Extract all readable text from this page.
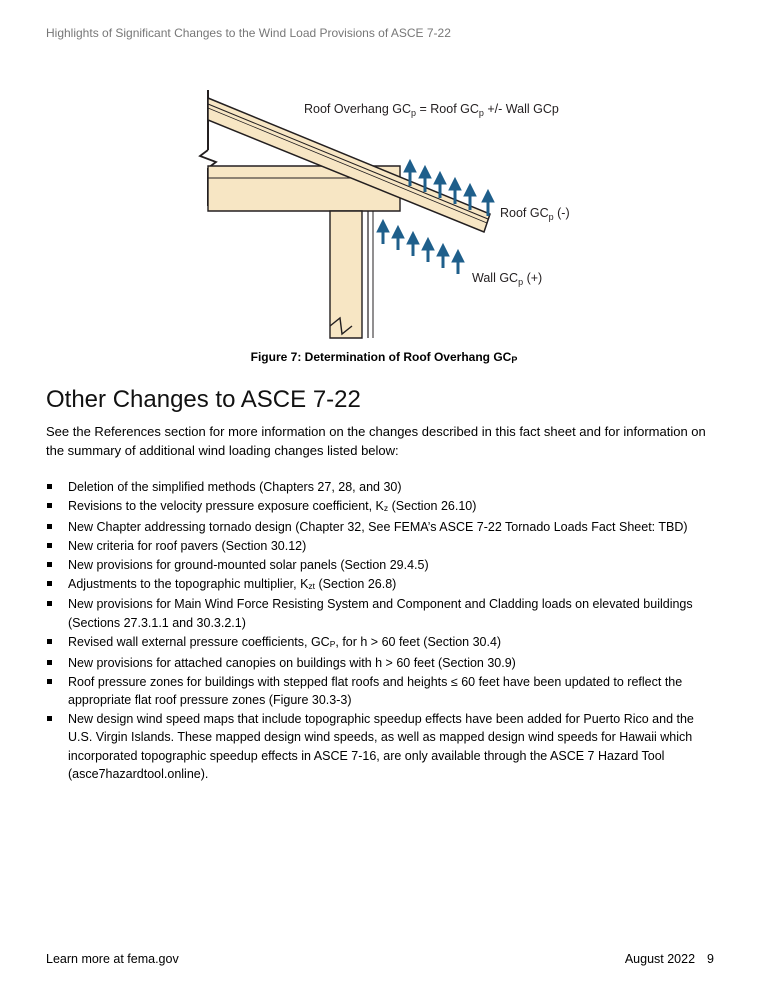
Highlights of Significant Changes to the Wind Load Provisions of ASCE 7-22
Roof Overhang $GC_p$ = Roof $GC_p$ +/- Wall GCp
Roof $GC_p$ (-)
Wall $GC_p$ (+)
Figure 7: Determination of Roof Overhang $GC_P$
Other Changes to ASCE 7-22

See the References section for more information on the changes described in this fact sheet and for information on the summary of additional wind loading changes listed below:

Deletion of the simplified methods (Chapters 27, 28, and 30)
Revisions to the velocity pressure exposure coefficient, $K_z$ (Section 26.10)
New Chapter addressing tornado design (Chapter 32, See FEMA’s ASCE 7-22 Tornado Loads Fact Sheet: TBD)
New criteria for roof pavers (Section 30.12)
New provisions for ground-mounted solar panels (Section 29.4.5)
Adjustments to the topographic multiplier, $K_{zt}$ (Section 26.8)
New provisions for Main Wind Force Resisting System and Component and Cladding loads on elevated buildings (Sections 27.3.1.1 and 30.3.2.1)
Revised wall external pressure coefficients, $GC_P$, for h > 60 feet (Section 30.4)
New provisions for attached canopies on buildings with h > 60 feet (Section 30.9)
Roof pressure zones for buildings with stepped flat roofs and heights ≤ 60 feet have been updated to reflect the appropriate flat roof pressure zones (Figure 30.3-3)
New design wind speed maps that include topographic speedup effects have been added for Puerto Rico and the U.S. Virgin Islands. These mapped design wind speeds, as well as mapped design wind speeds for Hawaii which incorporated topographic speedup effects in ASCE 7-16, are only available through the ASCE 7 Hazard Tool (asce7hazardtool.online).
Learn more at fema.gov	August 2022 9
